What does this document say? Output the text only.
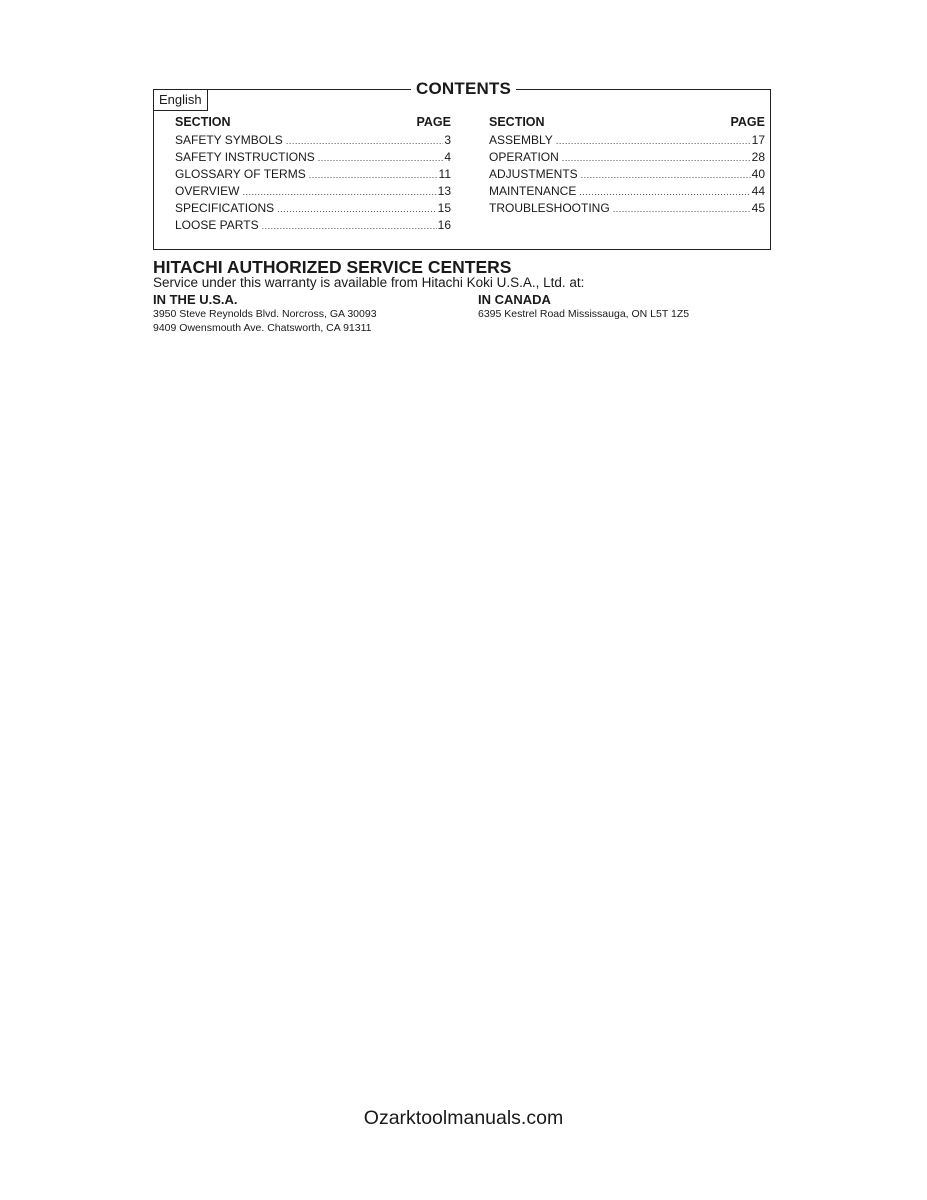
English
CONTENTS
SECTION	PAGE
SAFETY SYMBOLS .....	3
SAFETY INSTRUCTIONS .....	4
GLOSSARY OF TERMS .....	11
OVERVIEW .....	13
SPECIFICATIONS .....	15
LOOSE PARTS .....	16
SECTION	PAGE
ASSEMBLY .....	17
OPERATION .....	28
ADJUSTMENTS .....	40
MAINTENANCE .....	44
TROUBLESHOOTING .....	45
HITACHI AUTHORIZED SERVICE CENTERS
Service under this warranty is available from Hitachi Koki U.S.A., Ltd. at:
IN THE U.S.A.
3950 Steve Reynolds Blvd. Norcross, GA 30093
9409 Owensmouth Ave. Chatsworth, CA 91311
IN CANADA
6395 Kestrel Road Mississauga, ON L5T 1Z5
Ozarktoolmanuals.com
